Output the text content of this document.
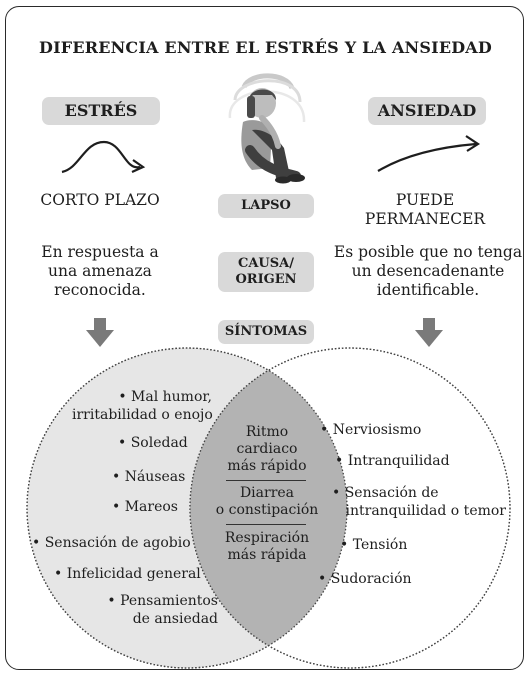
DIFERENCIA ENTRE EL ESTRÉS Y LA ANSIEDAD
ESTRÉS	ANSIEDAD
CORTO PLAZO	PUEDE
PERMANECER
LAPSO
CAUSA/
ORIGEN
SÍNTOMAS
En respuesta a
una amenaza
reconocida.
Es posible que no tenga
un desencadenante
identificable.
• Mal humor,
irritabilidad o enojo
• Soledad
• Náuseas
• Mareos
• Sensación de agobio
• Infelicidad general
• Pensamientos
de ansiedad
Ritmo
cardiaco
más rápido
Diarrea
o constipación
Respiración
más rápida
• Nerviosismo
• Intranquilidad
• Sensación de
intranquilidad o temor
• Tensión
• Sudoración
